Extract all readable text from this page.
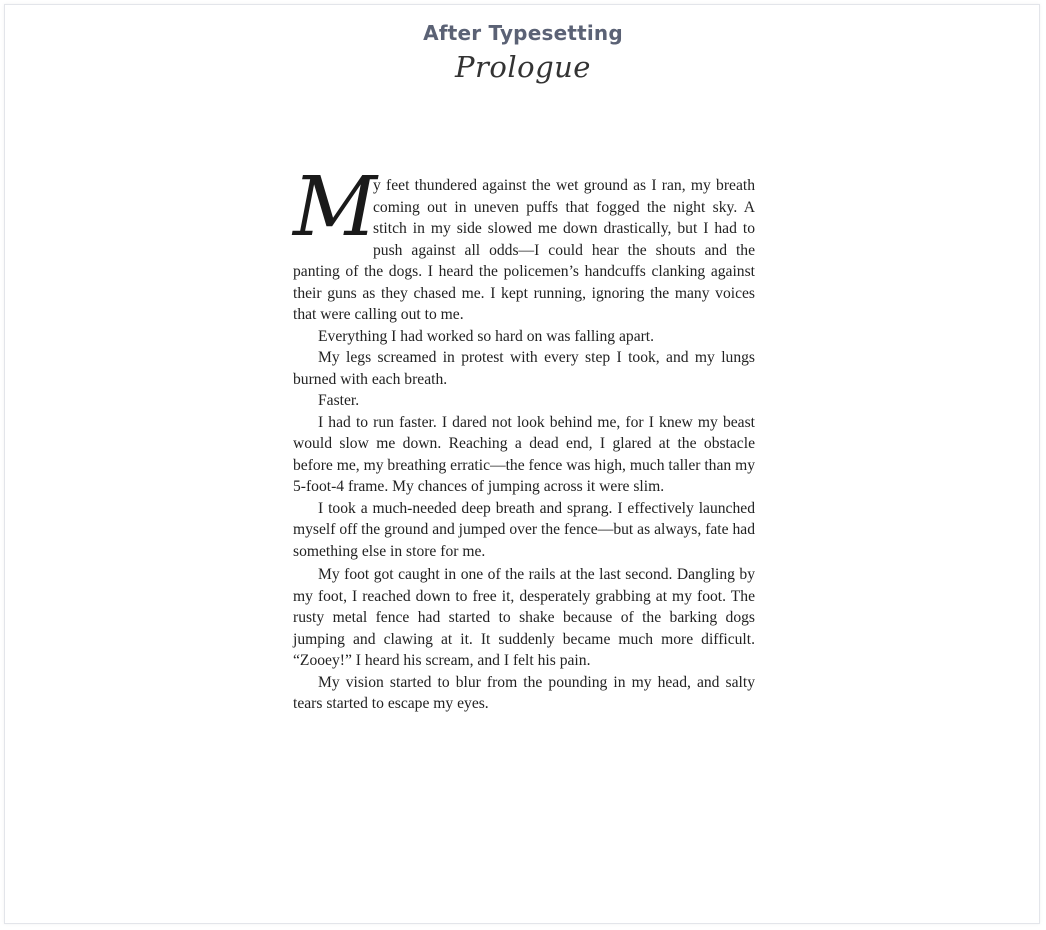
After Typesetting
Prologue

M
y feet thundered against the wet ground as I ran, my breath coming out in uneven puffs that fogged the night sky. A stitch in my side slowed me down drastically, but I had to push against all odds—I could hear the shouts and the panting of the dogs. I heard the policemen’s handcuffs clanking against their guns as they chased me. I kept running, ignoring the many voices that were calling out to me.

Everything I had worked so hard on was falling apart.

My legs screamed in protest with every step I took, and my lungs burned with each breath.

Faster.

I had to run faster. I dared not look behind me, for I knew my beast would slow me down. Reaching a dead end, I glared at the obstacle before me, my breathing erratic—the fence was high, much taller than my 5-foot-4 frame. My chances of jumping across it were slim.

I took a much-needed deep breath and sprang. I effectively launched myself off the ground and jumped over the fence—but as always, fate had something else in store for me.

My foot got caught in one of the rails at the last second. Dangling by my foot, I reached down to free it, desperately grabbing at my foot. The rusty metal fence had started to shake because of the barking dogs jumping and clawing at it. It suddenly became much more difficult. “Zooey!” I heard his scream, and I felt his pain.

My vision started to blur from the pounding in my head, and salty tears started to escape my eyes.
